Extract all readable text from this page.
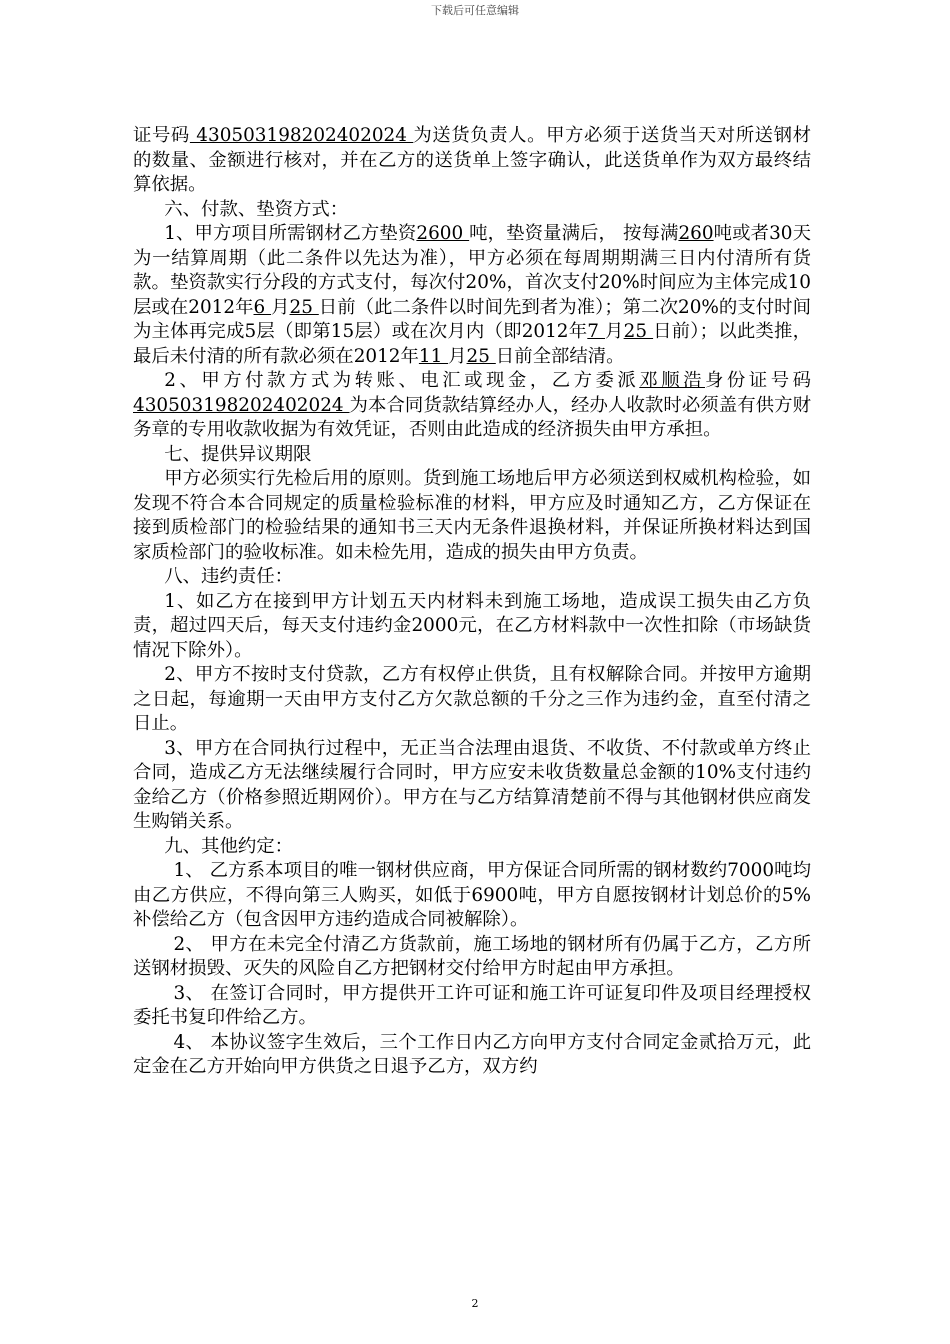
下载后可任意编辑

证号码 430503198202402024 为送货负责人。甲方必须于送货当天对所送钢材的数量、金额进行核对，并在乙方的送货单上签字确认，此送货单作为双方最终结算依据。

六、付款、垫资方式：

1、甲方项目所需钢材乙方垫资2600 吨，垫资量满后， 按每满260吨或者30天为一结算周期（此二条件以先达为准），甲方必须在每周期期满三日内付清所有货款。垫资款实行分段的方式支付，每次付20%，首次支付20%时间应为主体完成10层或在2012年6 月25 日前（此二条件以时间先到者为准）；第二次20%的支付时间为主体再完成5层（即第15层）或在次月内（即2012年7 月25 日前）；以此类推，最后未付清的所有款必须在2012年11 月25 日前全部结清。

2、甲方付款方式为转账、电汇或现金，乙方委派邓顺浩身份证号码430503198202402024 为本合同货款结算经办人，经办人收款时必须盖有供方财务章的专用收款收据为有效凭证，否则由此造成的经济损失由甲方承担。

七、提供异议期限

甲方必须实行先检后用的原则。货到施工场地后甲方必须送到权威机构检验，如发现不符合本合同规定的质量检验标准的材料，甲方应及时通知乙方，乙方保证在接到质检部门的检验结果的通知书三天内无条件退换材料，并保证所换材料达到国家质检部门的验收标准。如未检先用，造成的损失由甲方负责。

八、违约责任：

1、如乙方在接到甲方计划五天内材料未到施工场地，造成误工损失由乙方负责，超过四天后，每天支付违约金2000元，在乙方材料款中一次性扣除（市场缺货情况下除外）。

2、甲方不按时支付贷款，乙方有权停止供货，且有权解除合同。并按甲方逾期之日起，每逾期一天由甲方支付乙方欠款总额的千分之三作为违约金，直至付清之日止。

3、甲方在合同执行过程中，无正当合法理由退货、不收货、不付款或单方终止合同，造成乙方无法继续履行合同时，甲方应安未收货数量总金额的10%支付违约金给乙方（价格参照近期网价）。甲方在与乙方结算清楚前不得与其他钢材供应商发生购销关系。

九、其他约定：

1、 乙方系本项目的唯一钢材供应商，甲方保证合同所需的钢材数约7000吨均由乙方供应，不得向第三人购买，如低于6900吨，甲方自愿按钢材计划总价的5%补偿给乙方（包含因甲方违约造成合同被解除）。

2、 甲方在未完全付清乙方货款前，施工场地的钢材所有仍属于乙方，乙方所送钢材损毁、灭失的风险自乙方把钢材交付给甲方时起由甲方承担。

3、 在签订合同时，甲方提供开工许可证和施工许可证复印件及项目经理授权委托书复印件给乙方。

4、 本协议签字生效后，三个工作日内乙方向甲方支付合同定金贰拾万元，此定金在乙方开始向甲方供货之日退予乙方，双方约

2
